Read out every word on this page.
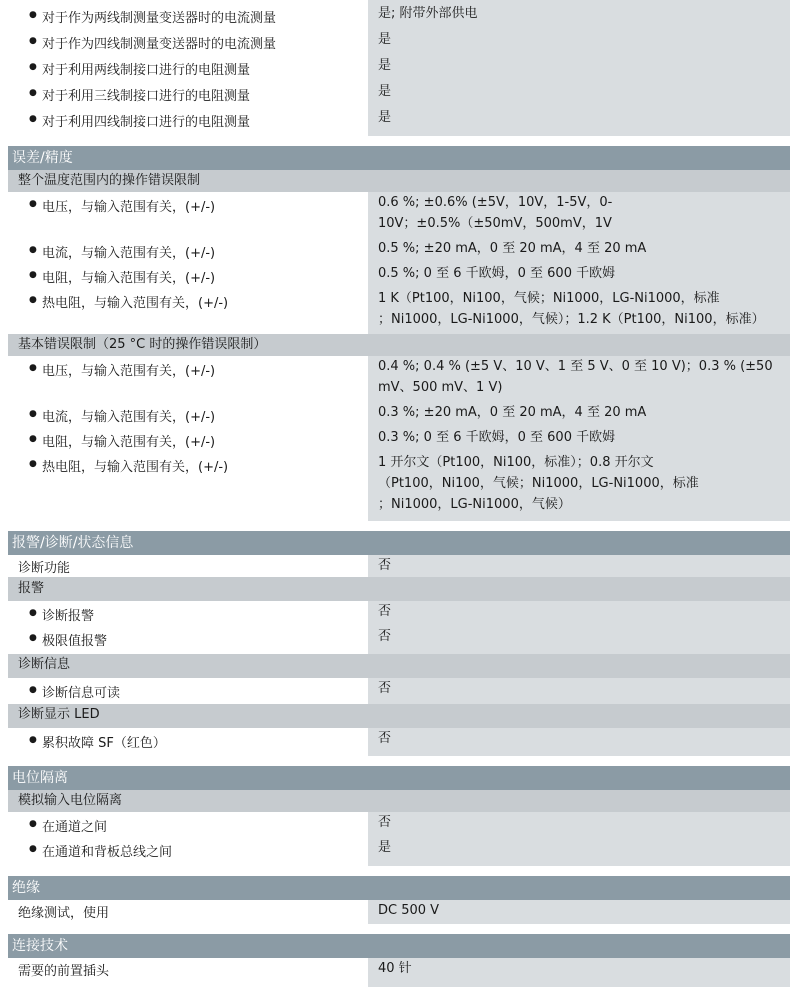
● 对于作为两线制测量变送器时的电流测量	是; 附带外部供电
● 对于作为四线制测量变送器时的电流测量	是
● 对于利用两线制接口进行的电阻测量	是
● 对于利用三线制接口进行的电阻测量	是
● 对于利用四线制接口进行的电阻测量	是
误差/精度
整个温度范围内的操作错误限制
● 电压，与输入范围有关，(+/-)	0.6 %; ±0.6% (±5V，10V，1-5V，0-
10V；±0.5%（±50mV，500mV，1V
● 电流，与输入范围有关，(+/-)	0.5 %; ±20 mA，0 至 20 mA，4 至 20 mA
● 电阻，与输入范围有关，(+/-)	0.5 %; 0 至 6 千欧姆，0 至 600 千欧姆
● 热电阻，与输入范围有关，(+/-)	1 K（Pt100，Ni100，气候；Ni1000，LG-Ni1000，标准
；Ni1000，LG-Ni1000，气候）；1.2 K（Pt100，Ni100，标准）
基本错误限制（25 °C 时的操作错误限制）
● 电压，与输入范围有关，(+/-)	0.4 %; 0.4 % (±5 V、10 V、1 至 5 V、0 至 10 V)；0.3 % (±50
mV、500 mV、1 V)
● 电流，与输入范围有关，(+/-)	0.3 %; ±20 mA，0 至 20 mA，4 至 20 mA
● 电阻，与输入范围有关，(+/-)	0.3 %; 0 至 6 千欧姆，0 至 600 千欧姆
● 热电阻，与输入范围有关，(+/-)	1 开尔文（Pt100，Ni100，标准）；0.8 开尔文
（Pt100，Ni100，气候；Ni1000，LG-Ni1000，标准
；Ni1000，LG-Ni1000，气候）
报警/诊断/状态信息
诊断功能	否
报警
● 诊断报警	否
● 极限值报警	否
诊断信息
● 诊断信息可读	否
诊断显示 LED
● 累积故障 SF（红色）	否
电位隔离
模拟输入电位隔离
● 在通道之间	否
● 在通道和背板总线之间	是
绝缘
绝缘测试，使用	DC 500 V
连接技术
需要的前置插头	40 针
